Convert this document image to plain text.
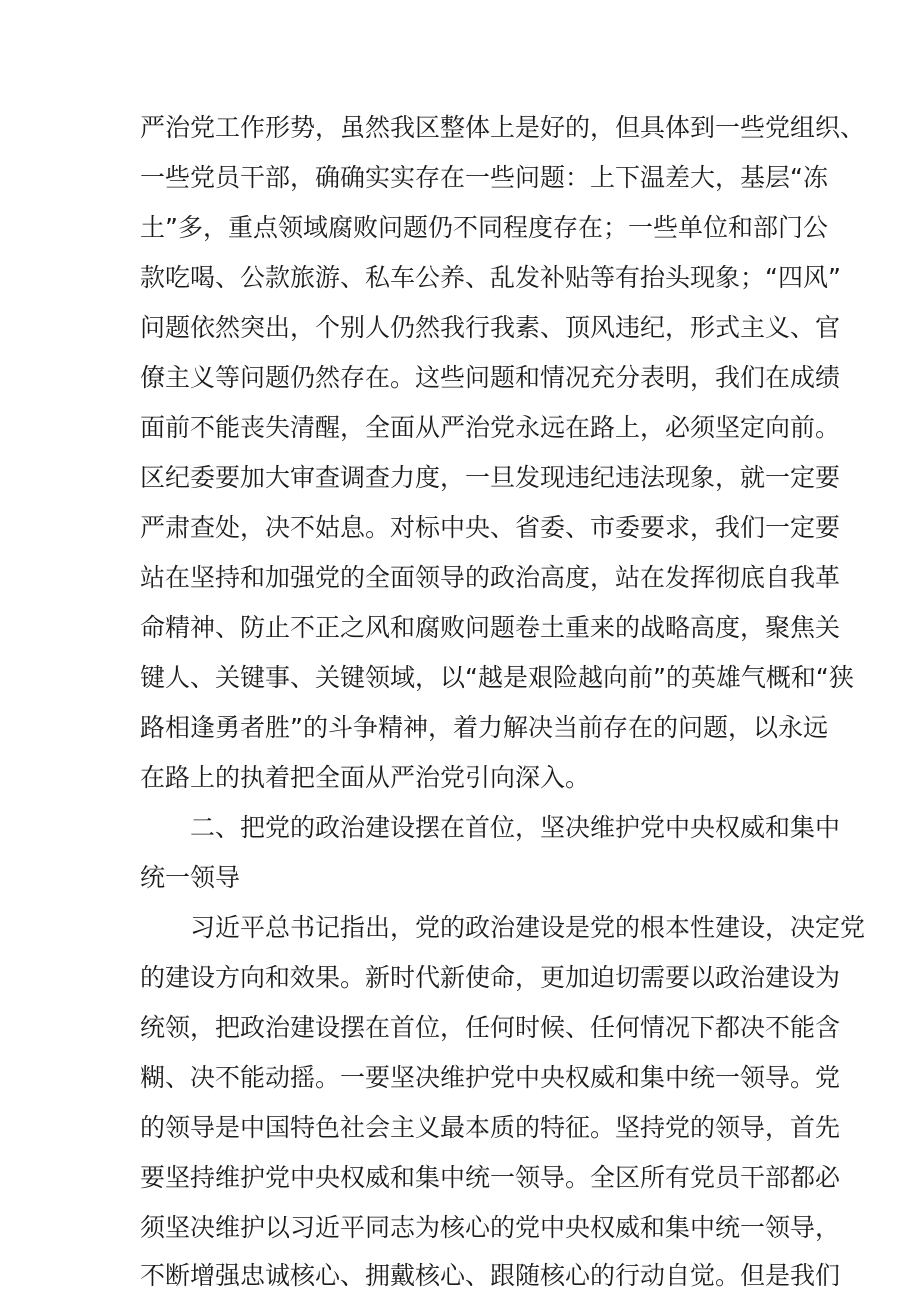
严治党工作形势，虽然我区整体上是好的，但具体到一些党组织、
一些党员干部，确确实实存在一些问题：上下温差大，基层“冻
土”多，重点领域腐败问题仍不同程度存在；一些单位和部门公
款吃喝、公款旅游、私车公养、乱发补贴等有抬头现象；“四风”
问题依然突出，个别人仍然我行我素、顶风违纪，形式主义、官
僚主义等问题仍然存在。这些问题和情况充分表明，我们在成绩
面前不能丧失清醒，全面从严治党永远在路上，必须坚定向前。
区纪委要加大审查调查力度，一旦发现违纪违法现象，就一定要
严肃查处，决不姑息。对标中央、省委、市委要求，我们一定要
站在坚持和加强党的全面领导的政治高度，站在发挥彻底自我革
命精神、防止不正之风和腐败问题卷土重来的战略高度，聚焦关
键人、关键事、关键领域，以“越是艰险越向前”的英雄气概和“狭
路相逢勇者胜”的斗争精神，着力解决当前存在的问题，以永远
在路上的执着把全面从严治党引向深入。
二、把党的政治建设摆在首位，坚决维护党中央权威和集中
统一领导
习近平总书记指出，党的政治建设是党的根本性建设，决定党
的建设方向和效果。新时代新使命，更加迫切需要以政治建设为
统领，把政治建设摆在首位，任何时候、任何情况下都决不能含
糊、决不能动摇。一要坚决维护党中央权威和集中统一领导。党
的领导是中国特色社会主义最本质的特征。坚持党的领导，首先
要坚持维护党中央权威和集中统一领导。全区所有党员干部都必
须坚决维护以习近平同志为核心的党中央权威和集中统一领导，
不断增强忠诚核心、拥戴核心、跟随核心的行动自觉。但是我们
